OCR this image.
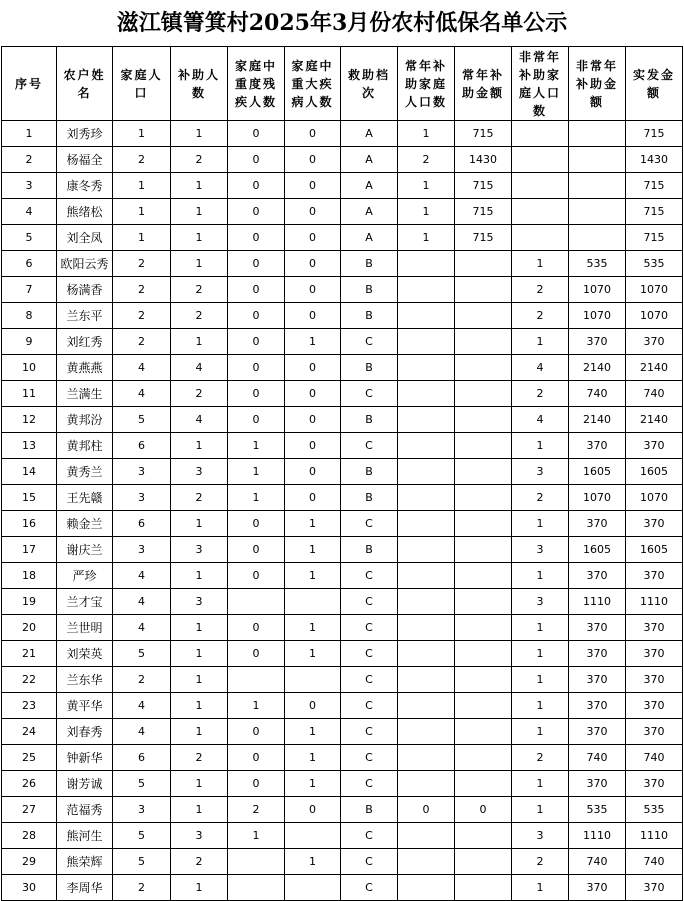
滋江镇箐箕村2025年3月份农村低保名单公示
序号	农户姓名	家庭人口	补助人数	家庭中重度残疾人数	家庭中重大疾病人数	救助档次	常年补助家庭人口数	常年补助金额	非常年补助家庭人口数	非常年补助金额	实发金额
1	刘秀珍	1	1	0	0	A	1	715			715
2	杨福全	2	2	0	0	A	2	1430			1430
3	康冬秀	1	1	0	0	A	1	715			715
4	熊绪松	1	1	0	0	A	1	715			715
5	刘全凤	1	1	0	0	A	1	715			715
6	欧阳云秀	2	1	0	0	B			1	535	535
7	杨满香	2	2	0	0	B			2	1070	1070
8	兰东平	2	2	0	0	B			2	1070	1070
9	刘红秀	2	1	0	1	C			1	370	370
10	黄燕燕	4	4	0	0	B			4	2140	2140
11	兰满生	4	2	0	0	C			2	740	740
12	黄邦汾	5	4	0	0	B			4	2140	2140
13	黄邦柱	6	1	1	0	C			1	370	370
14	黄秀兰	3	3	1	0	B			3	1605	1605
15	王先赣	3	2	1	0	B			2	1070	1070
16	赖金兰	6	1	0	1	C			1	370	370
17	谢庆兰	3	3	0	1	B			3	1605	1605
18	严珍	4	1	0	1	C			1	370	370
19	兰才宝	4	3			C			3	1110	1110
20	兰世明	4	1	0	1	C			1	370	370
21	刘荣英	5	1	0	1	C			1	370	370
22	兰东华	2	1			C			1	370	370
23	黄平华	4	1	1	0	C			1	370	370
24	刘春秀	4	1	0	1	C			1	370	370
25	钟新华	6	2	0	1	C			2	740	740
26	谢芳诚	5	1	0	1	C			1	370	370
27	范福秀	3	1	2	0	B	0	0	1	535	535
28	熊河生	5	3	1		C			3	1110	1110
29	熊荣辉	5	2		1	C			2	740	740
30	李周华	2	1			C			1	370	370
